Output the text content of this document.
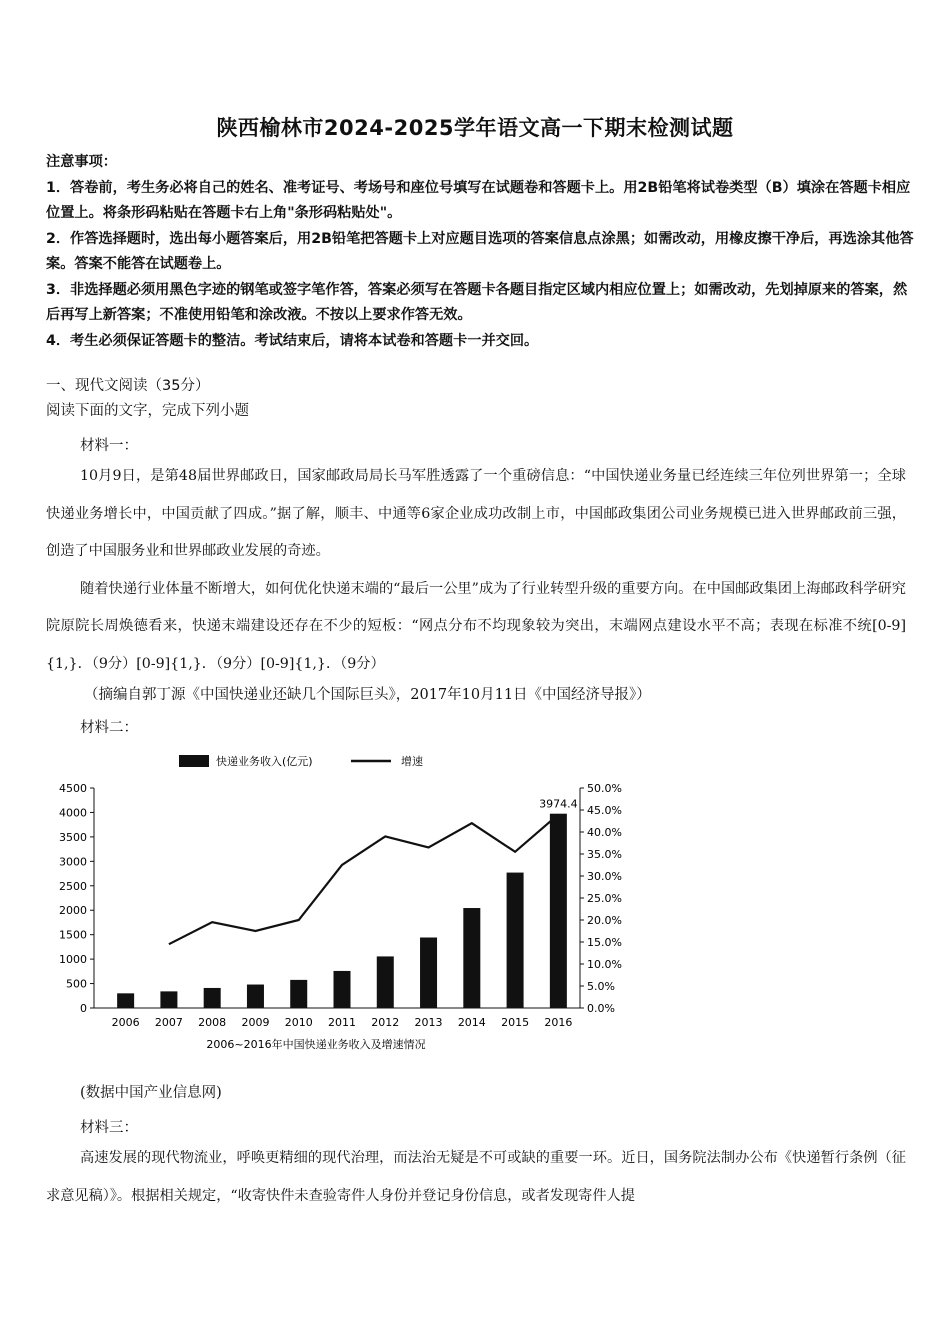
陕西榆林市2024-2025学年语文高一下期末检测试题

注意事项：

1．答卷前，考生务必将自己的姓名、准考证号、考场号和座位号填写在试题卷和答题卡上。用2B铅笔将试卷类型（B）填涂在答题卡相应位置上。将条形码粘贴在答题卡右上角"条形码粘贴处"。

2．作答选择题时，选出每小题答案后，用2B铅笔把答题卡上对应题目选项的答案信息点涂黑；如需改动，用橡皮擦干净后，再选涂其他答案。答案不能答在试题卷上。

3．非选择题必须用黑色字迹的钢笔或签字笔作答，答案必须写在答题卡各题目指定区域内相应位置上；如需改动，先划掉原来的答案，然后再写上新答案；不准使用铅笔和涂改液。不按以上要求作答无效。

4．考生必须保证答题卡的整洁。考试结束后，请将本试卷和答题卡一并交回。

一、现代文阅读（35分）
阅读下面的文字，完成下列小题
材料一：

10月9日，是第48届世界邮政日，国家邮政局局长马军胜透露了一个重磅信息：“中国快递业务量已经连续三年位列世界第一；全球快递业务增长中，中国贡献了四成。”据了解，顺丰、中通等6家企业成功改制上市，中国邮政集团公司业务规模已进入世界邮政前三强，创造了中国服务业和世界邮政业发展的奇迹。

随着快递行业体量不断增大，如何优化快递末端的“最后一公里”成为了行业转型升级的重要方向。在中国邮政集团上海邮政科学研究院原院长周焕德看来，快递末端建设还存在不少的短板：“网点分布不均现象较为突出，末端网点建设水平不高；表现在标准不统[0-9]{1,}．（9分）[0-9]{1,}．（9分）[0-9]{1,}．（9分）

（摘编自郭丁源《中国快递业还缺几个国际巨头》，2017年10月11日《中国经济导报》）
材料二：
快递业务收入(亿元)	增速
0
500
1000
1500
2000
2500
3000
3500
4000
4500
0.0%
5.0%
10.0%
15.0%
20.0%
25.0%
30.0%
35.0%
40.0%
45.0%
50.0%
2006 2007 2008 2009 2010 2011 2012 2013 2014 2015 2016
3974.4
2006~2016年中国快递业务收入及增速情况
(数据中国产业信息网)
材料三：

高速发展的现代物流业，呼唤更精细的现代治理，而法治无疑是不可或缺的重要一环。近日，国务院法制办公布《快递暂行条例（征求意见稿）》。根据相关规定，“收寄快件未查验寄件人身份并登记身份信息，或者发现寄件人提
